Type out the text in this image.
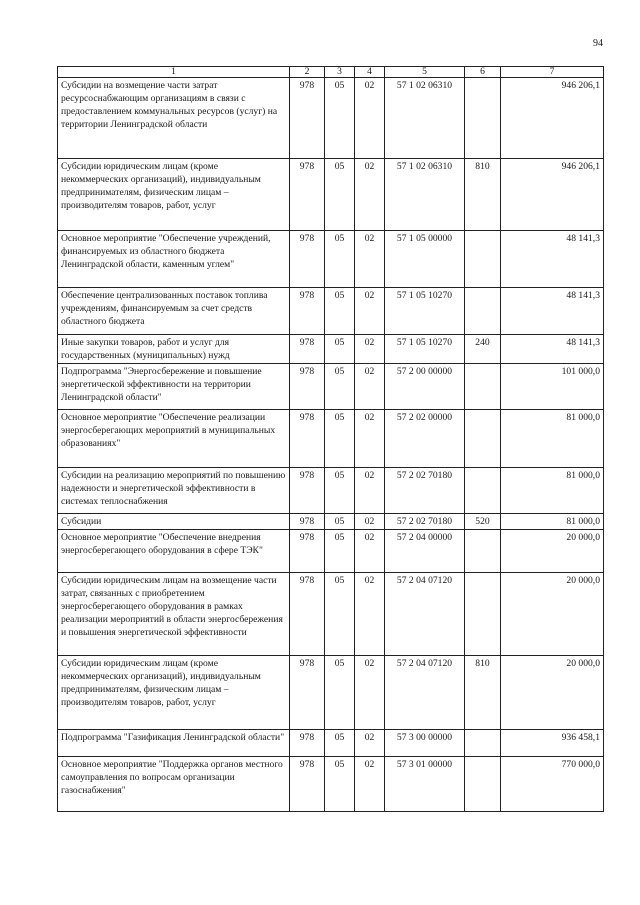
94
1	2	3	4	5	6	7
Субсидии на возмещение части затрат ресурсоснабжающим организациям в связи с предоставлением коммунальных ресурсов (услуг) на территории Ленинградской области	978	05	02	57 1 02 06310		946 206,1
Субсидии юридическим лицам (кроме некоммерческих организаций), индивидуальным предпринимателям, физическим лицам – производителям товаров, работ, услуг	978	05	02	57 1 02 06310	810	946 206,1
Основное мероприятие "Обеспечение учреждений, финансируемых из областного бюджета Ленинградской области, каменным углем"	978	05	02	57 1 05 00000		48 141,3
Обеспечение централизованных поставок топлива учреждениям, финансируемым за счет средств областного бюджета	978	05	02	57 1 05 10270		48 141,3
Иные закупки товаров, работ и услуг для государственных (муниципальных) нужд	978	05	02	57 1 05 10270	240	48 141,3
Подпрограмма "Энергосбережение и повышение энергетической эффективности на территории Ленинградской области"	978	05	02	57 2 00 00000		101 000,0
Основное мероприятие "Обеспечение реализации энергосберегающих мероприятий в муниципальных образованиях"	978	05	02	57 2 02 00000		81 000,0
Субсидии на реализацию мероприятий по повышению надежности и энергетической эффективности в системах теплоснабжения	978	05	02	57 2 02 70180		81 000,0
Субсидии	978	05	02	57 2 02 70180	520	81 000,0
Основное мероприятие "Обеспечение внедрения энергосберегающего оборудования в сфере ТЭК"	978	05	02	57 2 04 00000		20 000,0
Субсидии юридическим лицам на возмещение части затрат, связанных с приобретением энергосберегающего оборудования в рамках реализации мероприятий в области энергосбережения и повышения энергетической эффективности	978	05	02	57 2 04 07120		20 000,0
Субсидии юридическим лицам (кроме некоммерческих организаций), индивидуальным предпринимателям, физическим лицам – производителям товаров, работ, услуг	978	05	02	57 2 04 07120	810	20 000,0
Подпрограмма "Газификация Ленинградской области"	978	05	02	57 3 00 00000		936 458,1
Основное мероприятие "Поддержка органов местного самоуправления по вопросам организации газоснабжения"	978	05	02	57 3 01 00000		770 000,0
